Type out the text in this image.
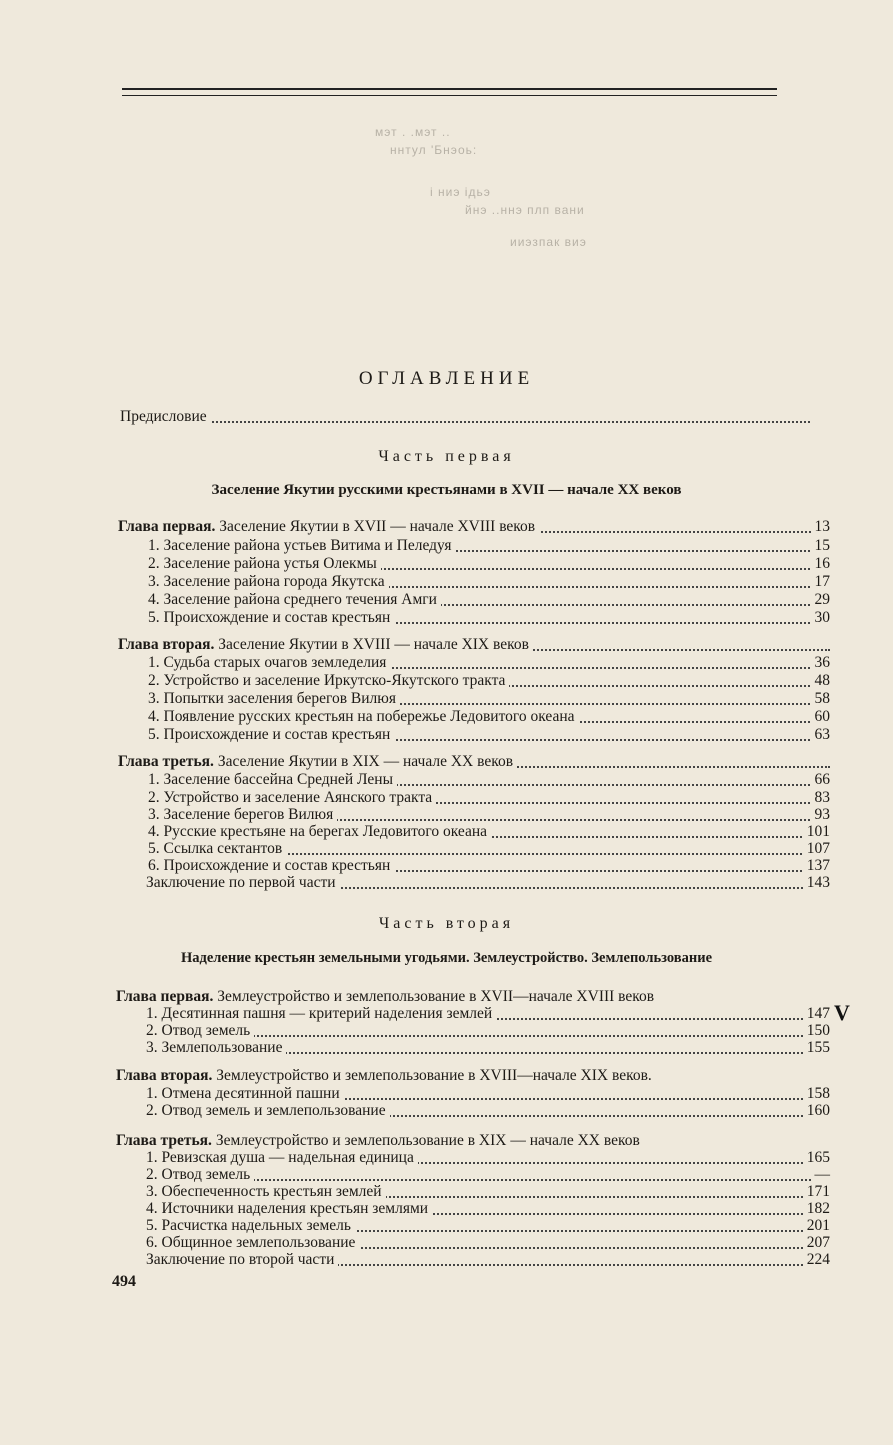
мэт . .мэт ..
ннтул 'Бнэоь:
і ниэ ідьэ
йнэ ..ннэ плп вани
ииэзпак виэ
ОГЛАВЛЕНИЕ
Предисловие
Часть первая
Заселение Якутии русскими крестьянами в XVII — начале XX веков
Глава первая. Заселение Якутии в XVII — начале XVIII веков	13
1. Заселение района устьев Витима и Пеледуя	15
2. Заселение района устья Олекмы	16
3. Заселение района города Якутска	17
4. Заселение района среднего течения Амги	29
5. Происхождение и состав крестьян	30
Глава вторая. Заселение Якутии в XVIII — начале XIX веков
1. Судьба старых очагов земледелия	36
2. Устройство и заселение Иркутско-Якутского тракта	48
3. Попытки заселения берегов Вилюя	58
4. Появление русских крестьян на побережье Ледовитого океана	60
5. Происхождение и состав крестьян	63
Глава третья. Заселение Якутии в XIX — начале XX веков
1. Заселение бассейна Средней Лены	66
2. Устройство и заселение Аянского тракта	83
3. Заселение берегов Вилюя	93
4. Русские крестьяне на берегах Ледовитого океана	101
5. Ссылка сектантов	107
6. Происхождение и состав крестьян	137
Заключение по первой части	143
Часть вторая
Наделение крестьян земельными угодьями. Землеустройство. Землепользование
Глава первая. Землеустройство и землепользование в XVII—начале XVIII веков
1. Десятинная пашня — критерий наделения землей	147
2. Отвод земель	150
3. Землепользование	155
Глава вторая. Землеустройство и землепользование в XVIII—начале XIX веков.
1. Отмена десятинной пашни	158
2. Отвод земель и землепользование	160
Глава третья. Землеустройство и землепользование в XIX — начале XX веков
1. Ревизская душа — надельная единица	165
2. Отвод земель	—
3. Обеспеченность крестьян землей	171
4. Источники наделения крестьян землями	182
5. Расчистка надельных земель	201
6. Общинное землепользование	207
Заключение по второй части	224
494
V
